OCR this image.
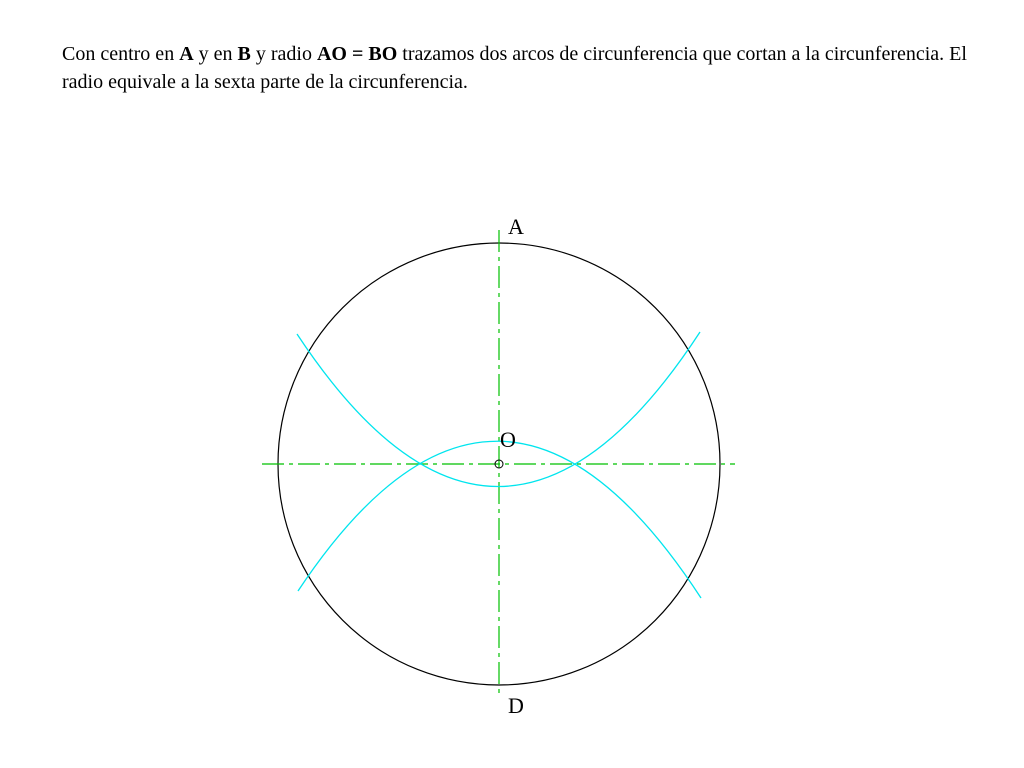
Con centro en A y en B y radio AO = BO trazamos dos arcos de circunferencia que cortan a la circunferencia. El radio equivale a la sexta parte de la circunferencia.
A
O
D
